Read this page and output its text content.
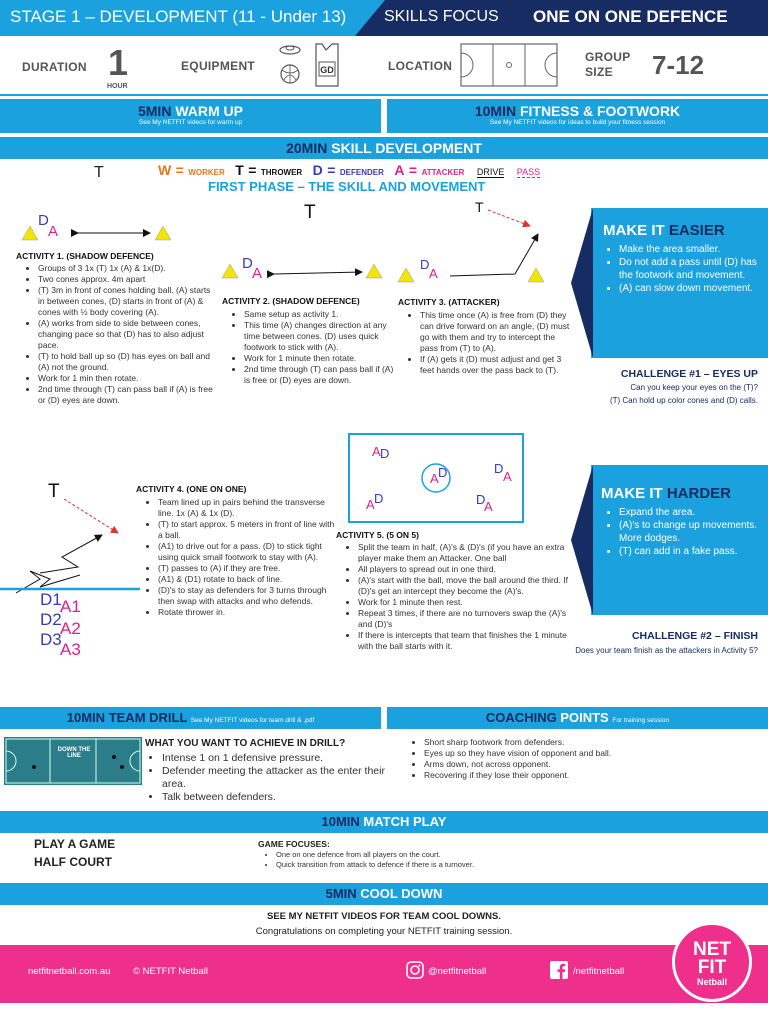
STAGE 1 – DEVELOPMENT (11 - Under 13) SKILLS FOCUS ONE ON ONE DEFENCE
DURATION 1
HOUR
EQUIPMENT	GD	LOCATION
GROUP SIZE	7-12
5MIN WARM UP
See My NETFIT videos for warm up
10MIN FITNESS & FOOTWORK
See My NETFIT videos for ideas to build your fitness session
20MIN SKILL DEVELOPMENT
W = WORKER T = THROWER D = DEFENDER A = ATTACKER DRIVE PASS
T
FIRST PHASE – THE SKILL AND MOVEMENT
D
A
T
D
A
T
D
A
ACTIVITY 1. (SHADOW DEFENCE)
• Groups of 3 1x (T) 1x (A) & 1x(D).
• Two cones approx. 4m apart
• (T) 3m in front of cones holding ball. (A) starts in between cones, (D) starts in front of (A) & cones with ½ body covering (A).
• (A) works from side to side between cones, changing pace so that (D) has to also adjust pace.
• (T) to hold ball up so (D) has eyes on ball and (A) not the ground.
• Work for 1 min then rotate.
• 2nd time through (T) can pass ball if (A) is free or (D) eyes are down.
ACTIVITY 2. (SHADOW DEFENCE)
• Same setup as activity 1.
• This time (A) changes direction at any time between cones. (D) uses quick footwork to stick with (A).
• Work for 1 minute then rotate.
• 2nd time through (T) can pass ball if (A) is free or (D) eyes are down.
ACTIVITY 3. (ATTACKER)
• This time once (A) is free from (D) they can drive forward on an angle, (D) must go with them and try to intercept the pass from (T) to (A).
• If (A) gets it (D) must adjust and get 3 feet hands over the pass back to (T).
MAKE IT EASIER
• Make the area smaller.
• Do not add a pass until (D) has the footwork and movement.
• (A) can slow down movement.
CHALLENGE #1 – EYES UP
Can you keep your eyes on the (T)?
(T) Can hold up color cones and (D) calls.
T
D1
A1
D2
A2
D3
A3
ACTIVITY 4. (ONE ON ONE)
• Team lined up in pairs behind the transverse line. 1x (A) & 1x (D).
• (T) to start approx. 5 meters in front of line with a ball.
• (A1) to drive out for a pass. (D) to stick tight using quick small footwork to stay with (A).
• (T) passes to (A) if they are free.
• (A1) & (D1) rotate to back of line.
• (D)'s to stay as defenders for 3 turns through then swap with attacks and who defends.
• Rotate thrower in.
A D
A D	D
A
A D	D
A
ACTIVITY 5. (5 ON 5)
• Split the team in half, (A)'s & (D)'s (if you have an extra player make them an Attacker. One ball
• All players to spread out in one third.
• (A)'s start with the ball, move the ball around the third. If (D)'s get an intercept they become the (A)'s.
• Work for 1 minute then rest.
• Repeat 3 times, if there are no turnovers swap the (A)'s and (D)'s
• If there is intercepts that team that finishes the 1 minute with the ball starts with it.
MAKE IT HARDER
• Expand the area.
• (A)'s to change up movements. More dodges.
• (T) can add in a fake pass.
CHALLENGE #2 – FINISH
Does your team finish as the attackers in Activity 5?
10MIN TEAM DRILL See My NETFIT videos for team drill & .pdf	COACHING POINTS For training session
DOWN THE LINE
WHAT YOU WANT TO ACHIEVE IN DRILL?
• Intense 1 on 1 defensive pressure.
• Defender meeting the attacker as the enter their area.
• Talk between defenders.
• Short sharp footwork from defenders.
• Eyes up so they have vision of opponent and ball.
• Arms down, not across opponent.
• Recovering if they lose their opponent.
10MIN MATCH PLAY
PLAY A GAME
HALF COURT
GAME FOCUSES:
• One on one defence from all players on the court.
• Quick transition from attack to defence if there is a turnover.
5MIN COOL DOWN
SEE MY NETFIT VIDEOS FOR TEAM COOL DOWNS.
Congratulations on completing your NETFIT training session.
netfitnetball.com.au © NETFIT Netball	@netfitnetball	/netfitnetball
NET
FIT
Netball
